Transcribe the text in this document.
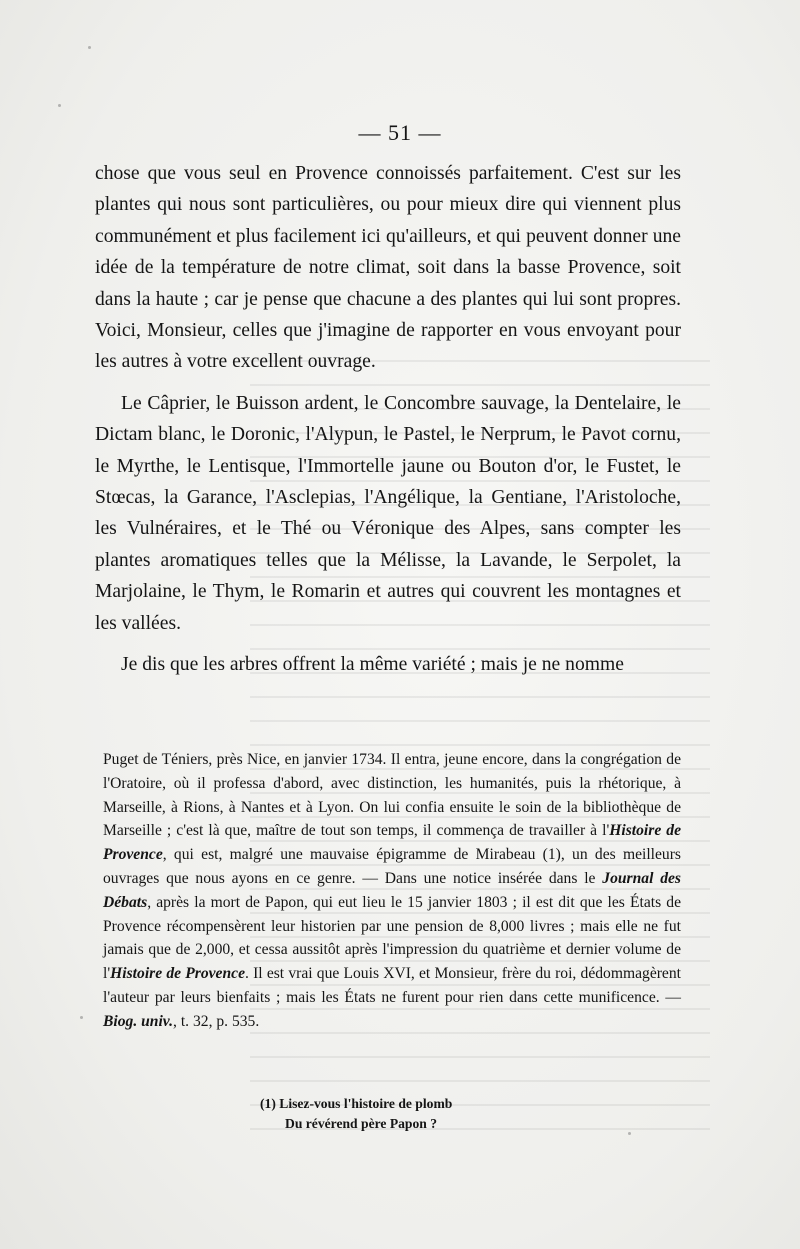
— 51 —

chose que vous seul en Provence connoissés parfaitement. C'est sur les plantes qui nous sont particulières, ou pour mieux dire qui viennent plus communément et plus facilement ici qu'ailleurs, et qui peuvent donner une idée de la température de notre climat, soit dans la basse Provence, soit dans la haute ; car je pense que chacune a des plantes qui lui sont propres. Voici, Monsieur, celles que j'imagine de rapporter en vous envoyant pour les autres à votre excellent ouvrage.

Le Câprier, le Buisson ardent, le Concombre sauvage, la Dentelaire, le Dictam blanc, le Doronic, l'Alypun, le Pastel, le Nerprum, le Pavot cornu, le Myrthe, le Lentisque, l'Immortelle jaune ou Bouton d'or, le Fustet, le Stœcas, la Garance, l'Asclepias, l'Angélique, la Gentiane, l'Aristoloche, les Vulnéraires, et le Thé ou Véronique des Alpes, sans compter les plantes aromatiques telles que la Mélisse, la Lavande, le Serpolet, la Marjolaine, le Thym, le Romarin et autres qui couvrent les montagnes et les vallées.

Je dis que les arbres offrent la même variété ; mais je ne nomme

Puget de Téniers, près Nice, en janvier 1734. Il entra, jeune encore, dans la congrégation de l'Oratoire, où il professa d'abord, avec distinction, les humanités, puis la rhétorique, à Marseille, à Rions, à Nantes et à Lyon. On lui confia ensuite le soin de la bibliothèque de Marseille ; c'est là que, maître de tout son temps, il commença de travailler à l'Histoire de Provence, qui est, malgré une mauvaise épigramme de Mirabeau (1), un des meilleurs ouvrages que nous ayons en ce genre. — Dans une notice insérée dans le Journal des Débats, après la mort de Papon, qui eut lieu le 15 janvier 1803 ; il est dit que les États de Provence récompensèrent leur historien par une pension de 8,000 livres ; mais elle ne fut jamais que de 2,000, et cessa aussitôt après l'impression du quatrième et dernier volume de l'Histoire de Provence. Il est vrai que Louis XVI, et Monsieur, frère du roi, dédommagèrent l'auteur par leurs bienfaits ; mais les États ne furent pour rien dans cette munificence. — Biog. univ., t. 32, p. 535.

(1) Lisez-vous l'histoire de plomb
Du révérend père Papon ?
